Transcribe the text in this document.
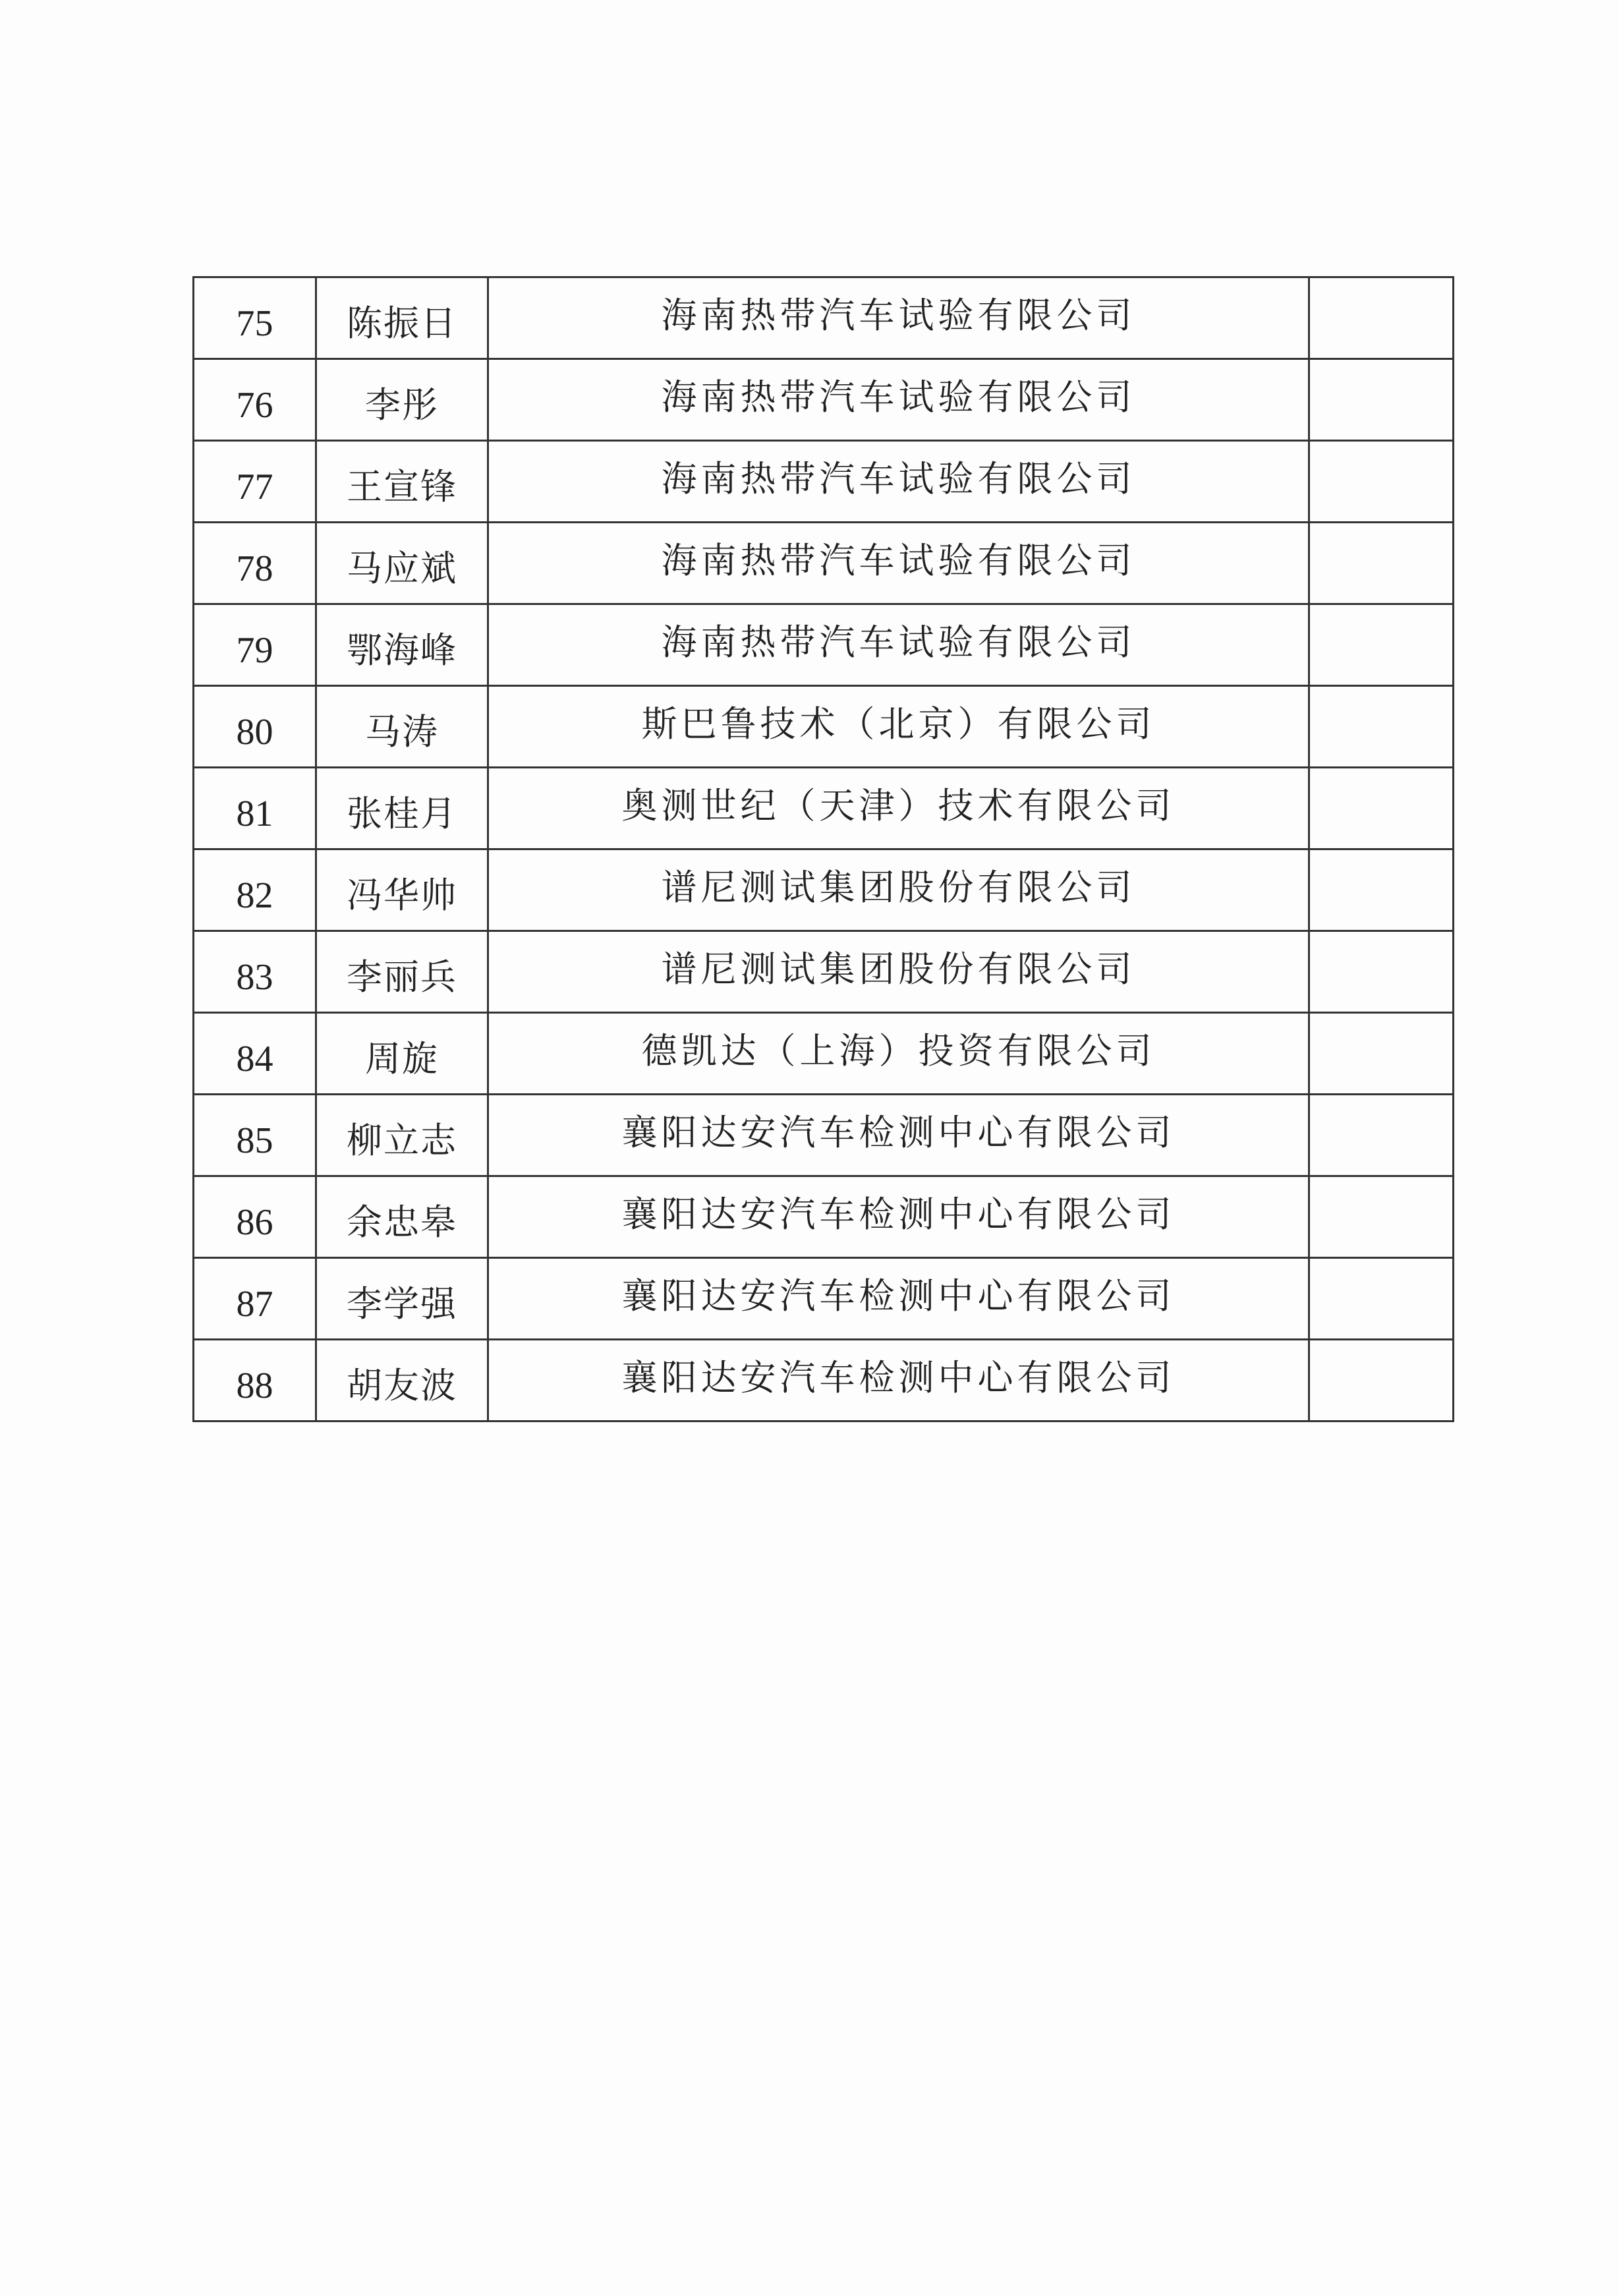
75	陈振日	海南热带汽车试验有限公司	
76	李彤	海南热带汽车试验有限公司	
77	王宣锋	海南热带汽车试验有限公司	
78	马应斌	海南热带汽车试验有限公司	
79	鄂海峰	海南热带汽车试验有限公司	
80	马涛	斯巴鲁技术（北京）有限公司	
81	张桂月	奥测世纪（天津）技术有限公司	
82	冯华帅	谱尼测试集团股份有限公司	
83	李丽兵	谱尼测试集团股份有限公司	
84	周旋	德凯达（上海）投资有限公司	
85	柳立志	襄阳达安汽车检测中心有限公司	
86	余忠皋	襄阳达安汽车检测中心有限公司	
87	李学强	襄阳达安汽车检测中心有限公司	
88	胡友波	襄阳达安汽车检测中心有限公司	
